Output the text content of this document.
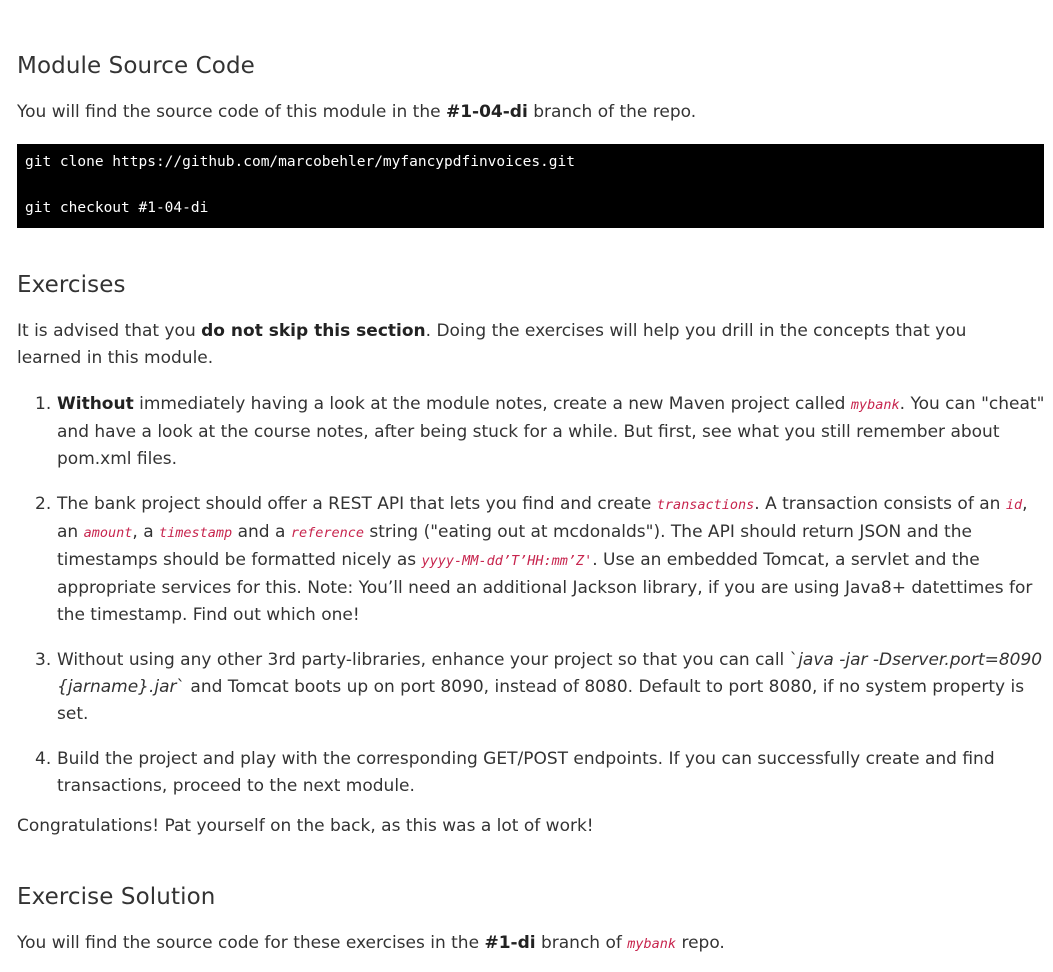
Module Source Code

You will find the source code of this module in the #1-04-di branch of the repo.

git clone https://github.com/marcobehler/myfancypdfinvoices.git
git checkout #1-04-di
Exercises

It is advised that you do not skip this section. Doing the exercises will help you drill in the concepts that you learned in this module.

1. Without immediately having a look at the module notes, create a new Maven project called mybank. You can "cheat" and have a look at the course notes, after being stuck for a while. But first, see what you still remember about pom.xml files.
2. The bank project should offer a REST API that lets you find and create transactions. A transaction consists of an id, an amount, a timestamp and a reference string ("eating out at mcdonalds"). The API should return JSON and the timestamps should be formatted nicely as yyyy-MM-dd’T’HH:mm’Z'. Use an embedded Tomcat, a servlet and the appropriate services for this. Note: You’ll need an additional Jackson library, if you are using Java8+ datettimes for the timestamp. Find out which one!
3. Without using any other 3rd party-libraries, enhance your project so that you can call `java -jar -Dserver.port=8090 {jarname}.jar` and Tomcat boots up on port 8090, instead of 8080. Default to port 8080, if no system property is set.
4. Build the project and play with the corresponding GET/POST endpoints. If you can successfully create and find transactions, proceed to the next module.

Congratulations! Pat yourself on the back, as this was a lot of work!

Exercise Solution

You will find the source code for these exercises in the #1-di branch of mybank repo.
